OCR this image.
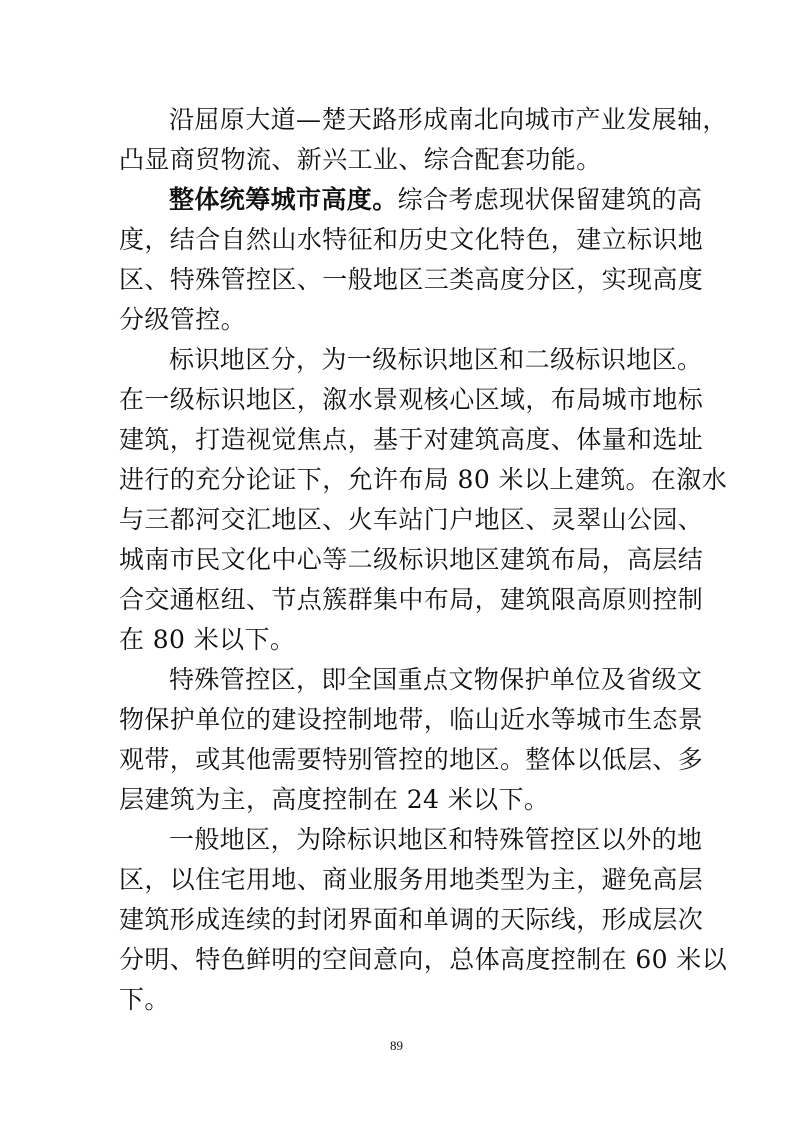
沿屈原大道—楚天路形成南北向城市产业发展轴，
凸显商贸物流、新兴工业、综合配套功能。
整体统筹城市高度。综合考虑现状保留建筑的高
度，结合自然山水特征和历史文化特色，建立标识地
区、特殊管控区、一般地区三类高度分区，实现高度
分级管控。
标识地区分，为一级标识地区和二级标识地区。
在一级标识地区，溆水景观核心区域，布局城市地标
建筑，打造视觉焦点，基于对建筑高度、体量和选址
进行的充分论证下，允许布局 80 米以上建筑。在溆水
与三都河交汇地区、火车站门户地区、灵翠山公园、
城南市民文化中心等二级标识地区建筑布局，高层结
合交通枢纽、节点簇群集中布局，建筑限高原则控制
在 80 米以下。
特殊管控区，即全国重点文物保护单位及省级文
物保护单位的建设控制地带，临山近水等城市生态景
观带，或其他需要特别管控的地区。整体以低层、多
层建筑为主，高度控制在 24 米以下。
一般地区，为除标识地区和特殊管控区以外的地
区，以住宅用地、商业服务用地类型为主，避免高层
建筑形成连续的封闭界面和单调的天际线，形成层次
分明、特色鲜明的空间意向，总体高度控制在 60 米以
下。
89
